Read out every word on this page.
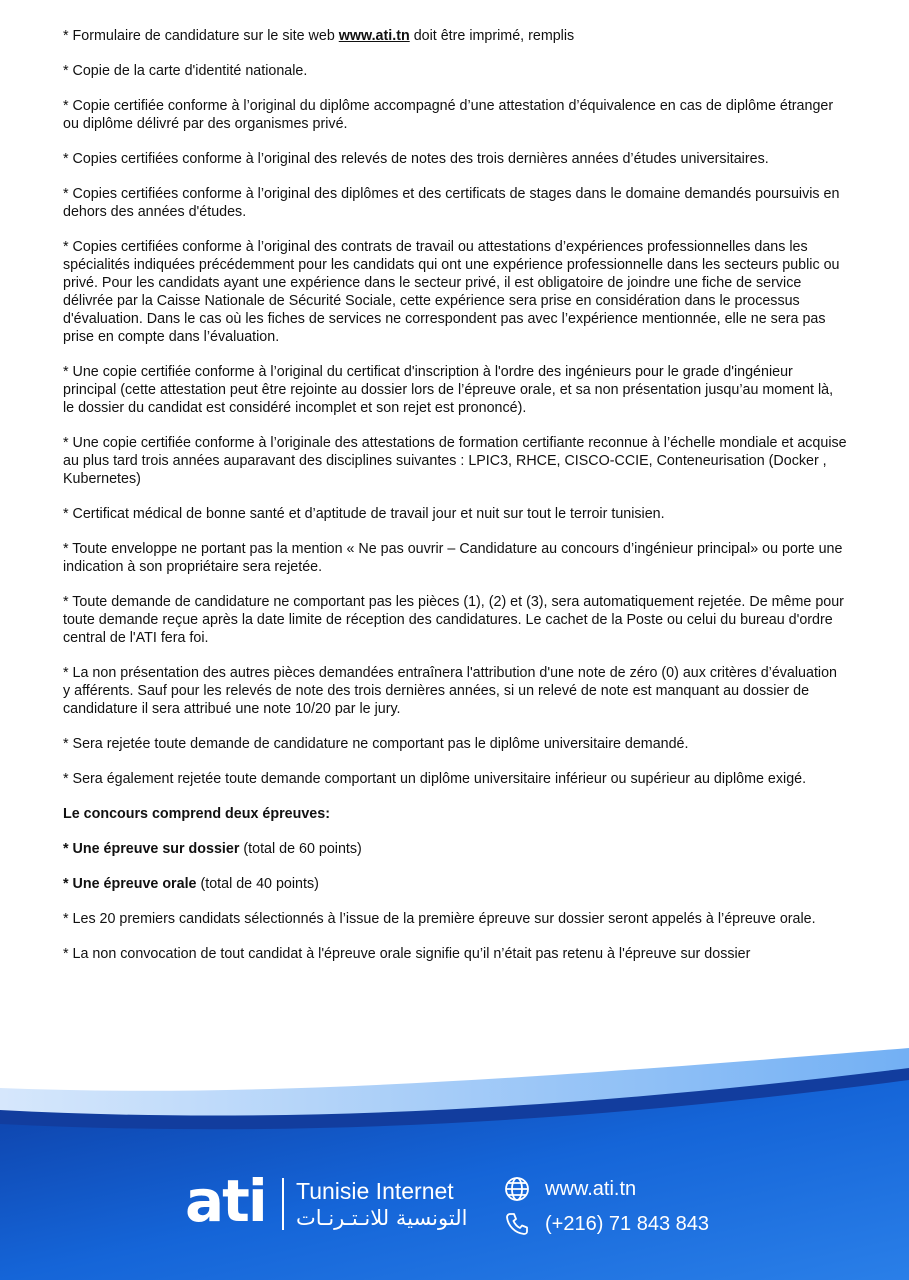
* Formulaire de candidature sur le site web www.ati.tn doit être imprimé, remplis

* Copie de la carte d'identité nationale.

* Copie certifiée conforme à l’original du diplôme accompagné d’une attestation d’équivalence en cas de diplôme étranger ou diplôme délivré par des organismes privé.

* Copies certifiées conforme à l’original des relevés de notes des trois dernières années d’études universitaires.

* Copies certifiées conforme à l’original des diplômes et des certificats de stages dans le domaine demandés poursuivis en dehors des années d'études.

* Copies certifiées conforme à l’original des contrats de travail ou attestations d’expériences professionnelles dans les spécialités indiquées précédemment pour les candidats qui ont une expérience professionnelle dans les secteurs public ou privé. Pour les candidats ayant une expérience dans le secteur privé, il est obligatoire de joindre une fiche de service délivrée par la Caisse Nationale de Sécurité Sociale, cette expérience sera prise en considération dans le processus d'évaluation. Dans le cas où les fiches de services ne correspondent pas avec l’expérience mentionnée, elle ne sera pas prise en compte dans l’évaluation.

* Une copie certifiée conforme à l’original du certificat d'inscription à l'ordre des ingénieurs pour le grade d'ingénieur principal (cette attestation peut être rejointe au dossier lors de l’épreuve orale, et sa non présentation jusqu’au moment là, le dossier du candidat est considéré incomplet et son rejet est prononcé).

* Une copie certifiée conforme à l’originale des attestations de formation certifiante reconnue à l’échelle mondiale et acquise au plus tard trois années auparavant des disciplines suivantes : LPIC3, RHCE, CISCO-CCIE, Conteneurisation (Docker , Kubernetes)

* Certificat médical de bonne santé et d’aptitude de travail jour et nuit sur tout le terroir tunisien.

* Toute enveloppe ne portant pas la mention « Ne pas ouvrir – Candidature au concours d’ingénieur principal» ou porte une indication à son propriétaire sera rejetée.

* Toute demande de candidature ne comportant pas les pièces (1), (2) et (3), sera automatiquement rejetée. De même pour toute demande reçue après la date limite de réception des candidatures. Le cachet de la Poste ou celui du bureau d'ordre central de l'ATI fera foi.

* La non présentation des autres pièces demandées entraînera l'attribution d'une note de zéro (0) aux critères d’évaluation y afférents. Sauf pour les relevés de note des trois dernières années, si un relevé de note est manquant au dossier de candidature il sera attribué une note 10/20 par le jury.

* Sera rejetée toute demande de candidature ne comportant pas le diplôme universitaire demandé.

* Sera également rejetée toute demande comportant un diplôme universitaire inférieur ou supérieur au diplôme exigé.

Le concours comprend deux épreuves:

* Une épreuve sur dossier (total de 60 points)

* Une épreuve orale (total de 40 points)

* Les 20 premiers candidats sélectionnés à l’issue de la première épreuve sur dossier seront appelés à l’épreuve orale.

* La non convocation de tout candidat à l'épreuve orale signifie qu’il n’était pas retenu à l'épreuve sur dossier

ati Tunisie Internet
التونسية للانـتـرنـات
www.ati.tn
(+216) 71 843 843
